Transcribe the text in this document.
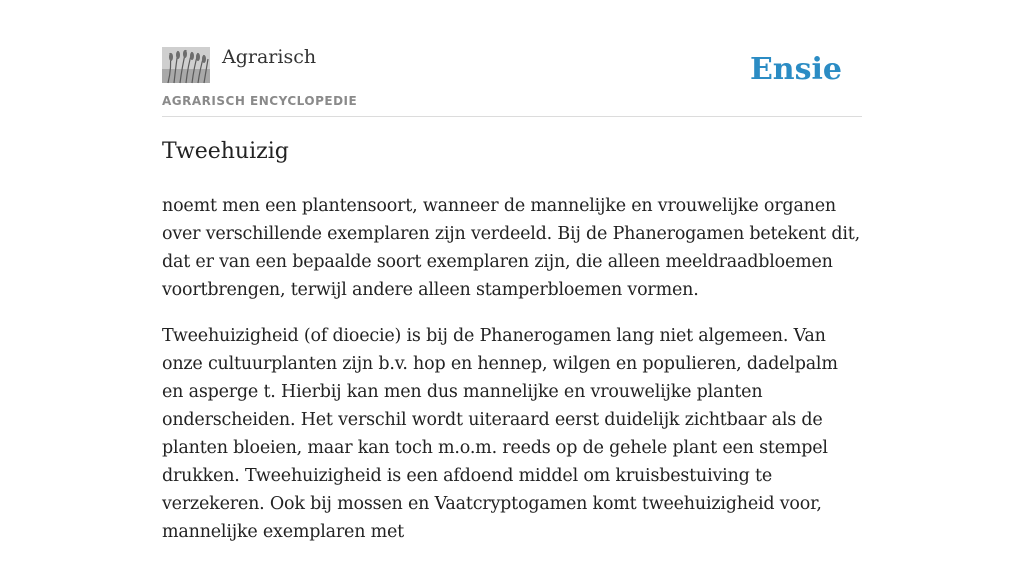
Agrarisch
AGRARISCH ENCYCLOPEDIE
Ensie
Tweehuizig

noemt men een plantensoort, wanneer de mannelijke en vrouwelijke organen over verschillende exemplaren zijn verdeeld. Bij de Phanerogamen betekent dit, dat er van een bepaalde soort exemplaren zijn, die alleen meeldraadbloemen voortbrengen, terwijl andere alleen stamperbloemen vormen.

Tweehuizigheid (of dioecie) is bij de Phanerogamen lang niet algemeen. Van onze cultuurplanten zijn b.v. hop en hennep, wilgen en populieren, dadelpalm en asperge t. Hierbij kan men dus mannelijke en vrouwelijke planten onderscheiden. Het verschil wordt uiteraard eerst duidelijk zichtbaar als de planten bloeien, maar kan toch m.o.m. reeds op de gehele plant een stempel drukken. Tweehuizigheid is een afdoend middel om kruisbestuiving te verzekeren. Ook bij mossen en Vaatcryptogamen komt tweehuizigheid voor, mannelijke exemplaren met
